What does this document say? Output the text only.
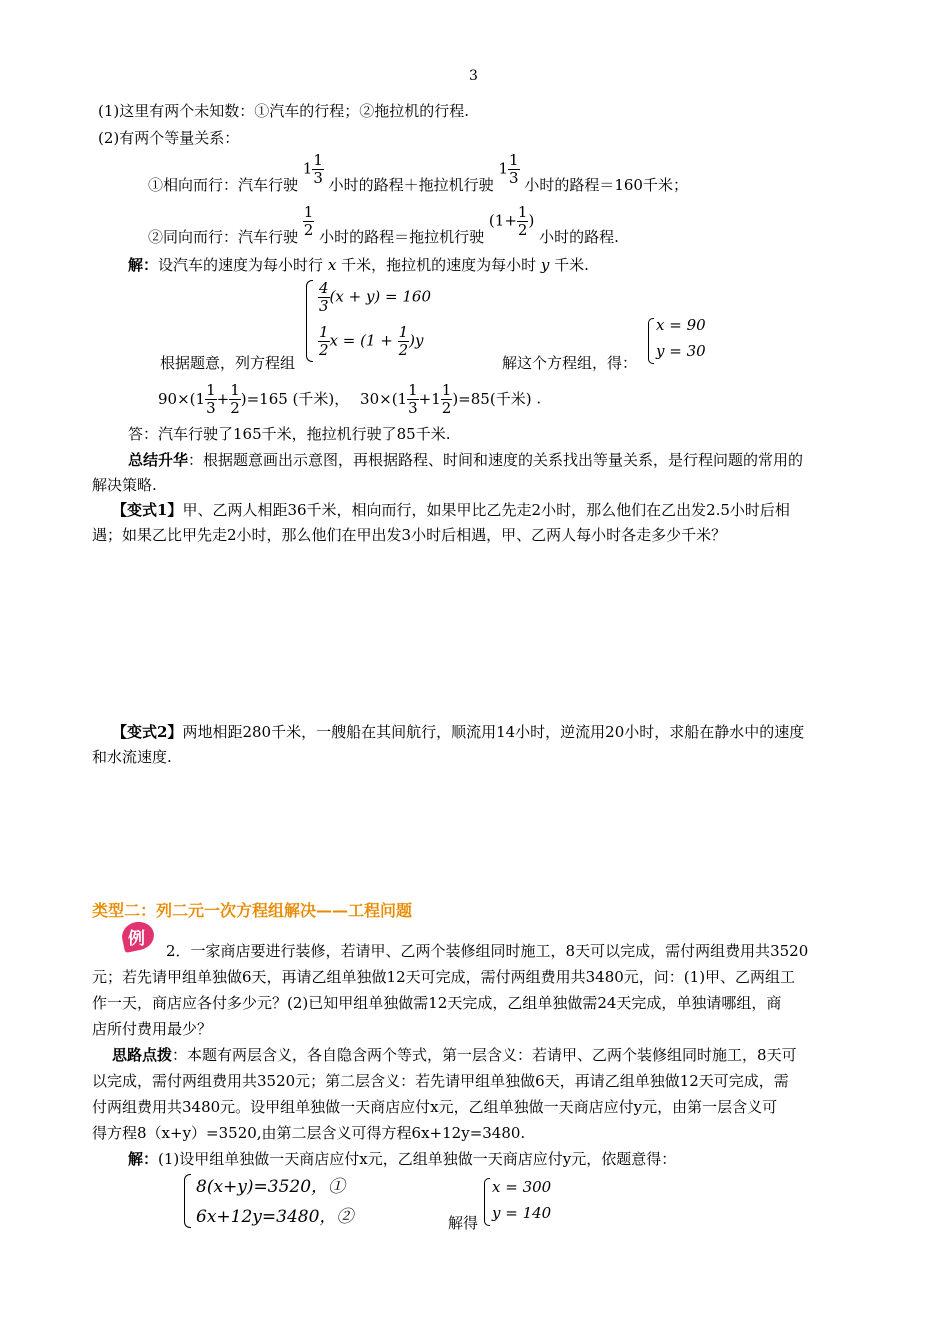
3
(1)这里有两个未知数：①汽车的行程；②拖拉机的行程.
(2)有两个等量关系：
①相向而行：汽车行驶 $1 \frac{1}{3}$ 小时的路程＋拖拉机行驶 $1 \frac{1}{3}$ 小时的路程＝160千米；
②同向而行：汽车行驶 $\frac{1}{2}$ 小时的路程＝拖拉机行驶 ($1+ \frac{1}{2}$ ) 小时的路程.
解：设汽车的速度为每小时行 x 千米，拖拉机的速度为每小时 y 千米.
$\frac{4}{3} (x + y) = 160$
$\frac{1}{2}$ $x = (1 + \frac{1}{2} )y$
根据题意，列方程组	解这个方程组，得：
x = 90
y = 30
$90\times(1 \frac{1}{3} + \frac{1}{2} )=165$ (千米)， $30\times(1 \frac{1}{3} +1 \frac{1}{2} )=85$(千米) .
答：汽车行驶了165千米，拖拉机行驶了85千米.
总结升华：根据题意画出示意图，再根据路程、时间和速度的关系找出等量关系，是行程问题的常用的
解决策略.
【变式1】甲、乙两人相距36千米，相向而行，如果甲比乙先走2小时，那么他们在乙出发2.5小时后相
遇；如果乙比甲先走2小时，那么他们在甲出发3小时后相遇，甲、乙两人每小时各走多少千米？
【变式2】两地相距280千米，一艘船在其间航行，顺流用14小时，逆流用20小时，求船在静水中的速度
和水流速度.
类型二：列二元一次方程组解决——工程问题
例
2．一家商店要进行装修，若请甲、乙两个装修组同时施工，8天可以完成，需付两组费用共3520
元；若先请甲组单独做6天，再请乙组单独做12天可完成，需付两组费用共3480元，问：(1)甲、乙两组工
作一天，商店应各付多少元？(2)已知甲组单独做需12天完成，乙组单独做需24天完成，单独请哪组，商
店所付费用最少？
思路点拨：本题有两层含义，各自隐含两个等式，第一层含义：若请甲、乙两个装修组同时施工，8天可
以完成，需付两组费用共3520元；第二层含义：若先请甲组单独做6天，再请乙组单独做12天可完成，需
付两组费用共3480元。设甲组单独做一天商店应付x元，乙组单独做一天商店应付y元，由第一层含义可
得方程8（x+y）=3520,由第二层含义可得方程6x+12y=3480.
解：(1)设甲组单独做一天商店应付x元，乙组单独做一天商店应付y元，依题意得：
8(x+y)=3520，①
6x+12y=3480，②	解得
x = 300
y = 140
